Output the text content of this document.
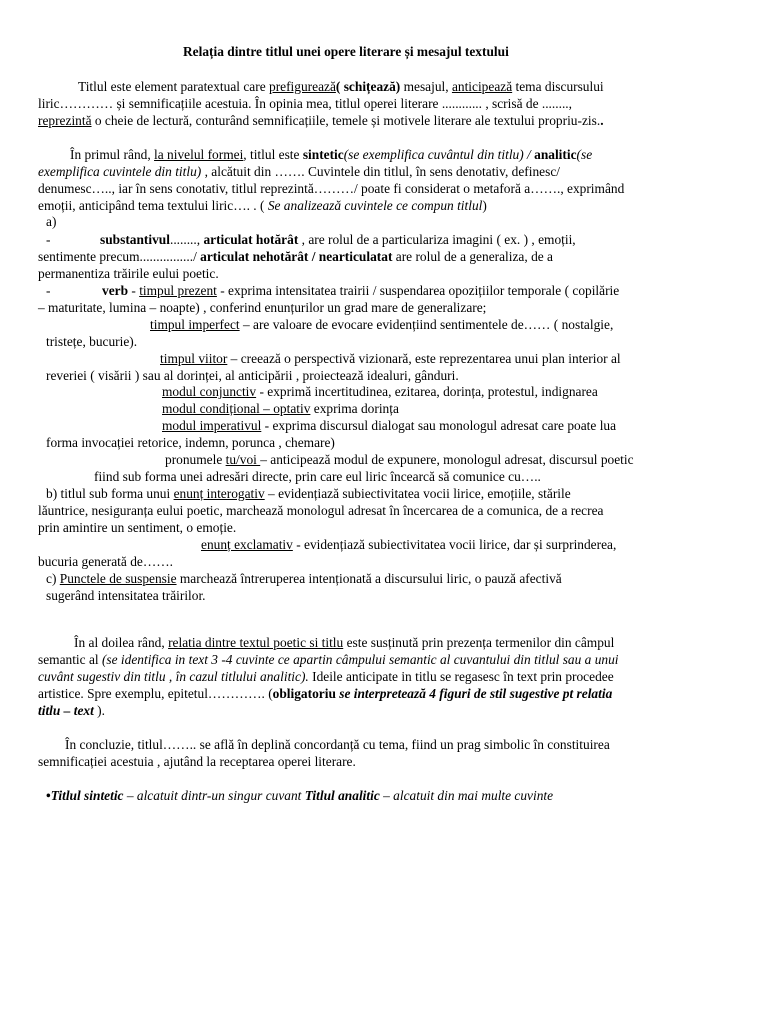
Relația dintre titlul unei opere literare și mesajul textului
Titlul este element paratextual care prefigurează( schițează) mesajul, anticipează tema discursului
liric………… și semnificațiile acestuia. În opinia mea, titlul operei literare ............ , scrisă de ........,
reprezintă o cheie de lectură, conturând semnificațiile, temele și motivele literare ale textului propriu-zis..
În primul rând, la nivelul formei, titlul este sintetic(se exemplifica cuvântul din titlu) / analitic(se
exemplifica cuvintele din titlu) , alcătuit din ……. Cuvintele din titlul, în sens denotativ, definesc/
denumesc….., iar în sens conotativ, titlul reprezintă………/ poate fi considerat o metaforă a……., exprimând
emoții, anticipând tema textului liric…. . ( Se analizează cuvintele ce compun titlul)
a)
-	substantivul........, articulat hotărât , are rolul de a particulariza imagini ( ex. ) , emoții,
sentimente precum................/ articulat nehotărât / nearticulatat are rolul de a generaliza, de a
permanentiza trăirile eului poetic.
-	verb - timpul prezent - exprima intensitatea trairii / suspendarea opozițiilor temporale ( copilărie
– maturitate, lumina – noapte) , conferind enunțurilor un grad mare de generalizare;
timpul imperfect – are valoare de evocare evidențiind sentimentele de…… ( nostalgie,
tristețe, bucurie).
timpul viitor – creează o perspectivă vizionară, este reprezentarea unui plan interior al
reveriei ( visării ) sau al dorinței, al anticipării , proiectează idealuri, gânduri.
modul conjunctiv - exprimă incertitudinea, ezitarea, dorința, protestul, indignarea
modul condițional – optativ exprima dorința
modul imperativul - exprima discursul dialogat sau monologul adresat care poate lua
forma invocației retorice, indemn, porunca , chemare)
pronumele tu/voi – anticipează modul de expunere, monologul adresat, discursul poetic
fiind sub forma unei adresări directe, prin care eul liric încearcă să comunice cu…..
b) titlul sub forma unui enunț interogativ – evidențiază subiectivitatea vocii lirice, emoțiile, stările
lăuntrice, nesiguranța eului poetic, marchează monologul adresat în încercarea de a comunica, de a recrea
prin amintire un sentiment, o emoție.
enunț exclamativ - evidențiază subiectivitatea vocii lirice, dar și surprinderea,
bucuria generată de…….
c) Punctele de suspensie marchează întreruperea intenționată a discursului liric, o pauză afectivă
sugerând intensitatea trăirilor.
În al doilea rând, relatia dintre textul poetic si titlu este susținută prin prezența termenilor din câmpul
semantic al (se identifica in text 3 -4 cuvinte ce apartin câmpului semantic al cuvantului din titlul sau a unui
cuvânt sugestiv din titlu , în cazul titlului analitic). Ideile anticipate in titlu se regasesc în text prin procedee
artistice. Spre exemplu, epitetul…………. (obligatoriu se interpretează 4 figuri de stil sugestive pt relatia
titlu – text ).
În concluzie, titlul…….. se află în deplină concordanță cu tema, fiind un prag simbolic în constituirea
semnificației acestuia , ajutând la receptarea operei literare.
•Titlul sintetic – alcatuit dintr-un singur cuvant Titlul analitic – alcatuit din mai multe cuvinte
